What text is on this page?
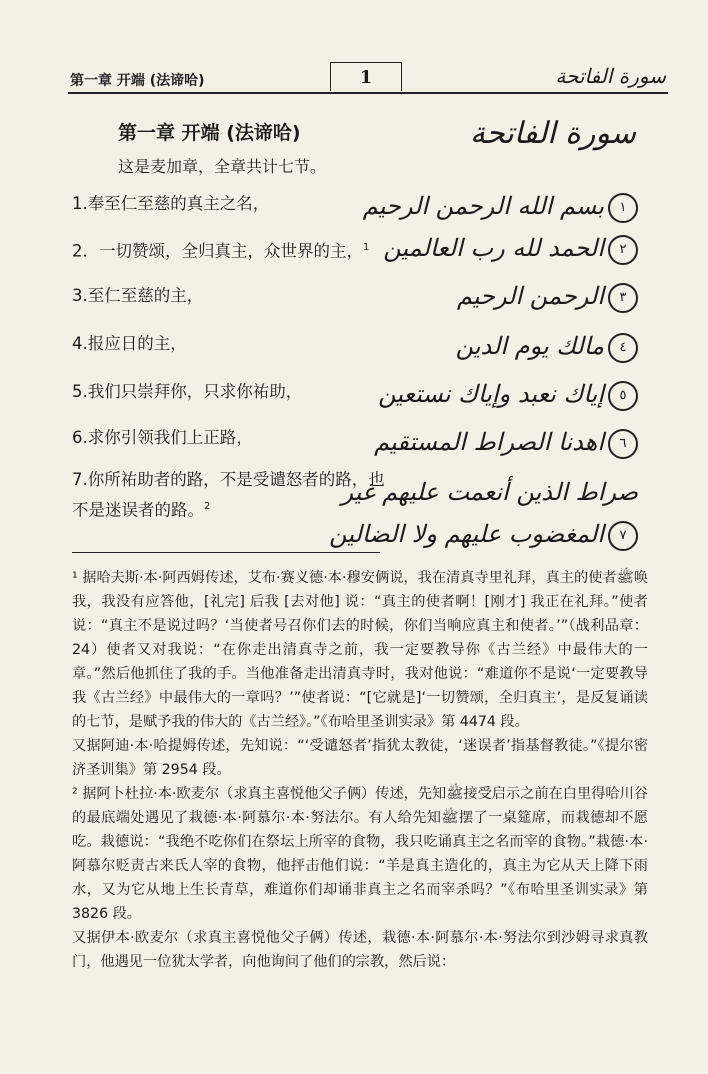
第一章 开端 (法谛哈)	1	سورة الفاتحة
第一章 开端 (法谛哈)	سورة الفاتحة
这是麦加章，全章共计七节。
1.奉至仁至慈的真主之名，	بسم الله الرحمن الرحيم ١
2．一切赞颂，全归真主，众世界的主，$^1$ الحمد لله رب العالمين ٢
3.至仁至慈的主，	الرحمن الرحيم ٣
4.报应日的主，	مالك يوم الدين ٤
5.我们只崇拜你，只求你祐助，	إياك نعبد وإياك نستعين ٥
6.求你引领我们上正路，	اهدنا الصراط المستقيم ٦
7.你所祐助者的路，不是受谴怒者的路，也不是迷误者的路。$^2$
صراط الذين أنعمت عليهم غير
المغضوب عليهم ولا الضالين ٧

¹ 据哈夫斯·本·阿西姆传述，艾布·赛义德·本·穆安俩说，我在清真寺里礼拜，真主的使者ﷺ唤我，我没有应答他，[礼完] 后我 [去对他] 说：“真主的使者啊！[刚才] 我正在礼拜。”使者说：“真主不是说过吗？‘当使者号召你们去的时候，你们当响应真主和使者。’”（战利品章：24）使者又对我说：“在你走出清真寺之前，我一定要教导你《古兰经》中最伟大的一章。”然后他抓住了我的手。当他准备走出清真寺时，我对他说：“难道你不是说‘一定要教导我《古兰经》中最伟大的一章吗？’”使者说：“[它就是]‘一切赞颂，全归真主’，是反复诵读的七节，是赋予我的伟大的《古兰经》。”《布哈里圣训实录》第 4474 段。

又据阿迪·本·哈提姆传述，先知说：“‘受谴怒者’指犹太教徒，‘迷误者’指基督教徒。”《提尔密济圣训集》第 2954 段。

² 据阿卜杜拉·本·欧麦尔（求真主喜悦他父子俩）传述，先知ﷺ接受启示之前在白里得哈川谷的最底端处遇见了栽德·本·阿慕尔·本·努法尔。有人给先知ﷺ摆了一桌筵席，而栽德却不愿吃。栽德说：“我绝不吃你们在祭坛上所宰的食物，我只吃诵真主之名而宰的食物。”栽德·本·阿慕尔贬责古来氏人宰的食物，他抨击他们说：“羊是真主造化的，真主为它从天上降下雨水，又为它从地上生长青草，难道你们却诵非真主之名而宰杀吗？”《布哈里圣训实录》第 3826 段。

又据伊本·欧麦尔（求真主喜悦他父子俩）传述，栽德·本·阿慕尔·本·努法尔到沙姆寻求真教门，他遇见一位犹太学者，向他询问了他们的宗教，然后说：
